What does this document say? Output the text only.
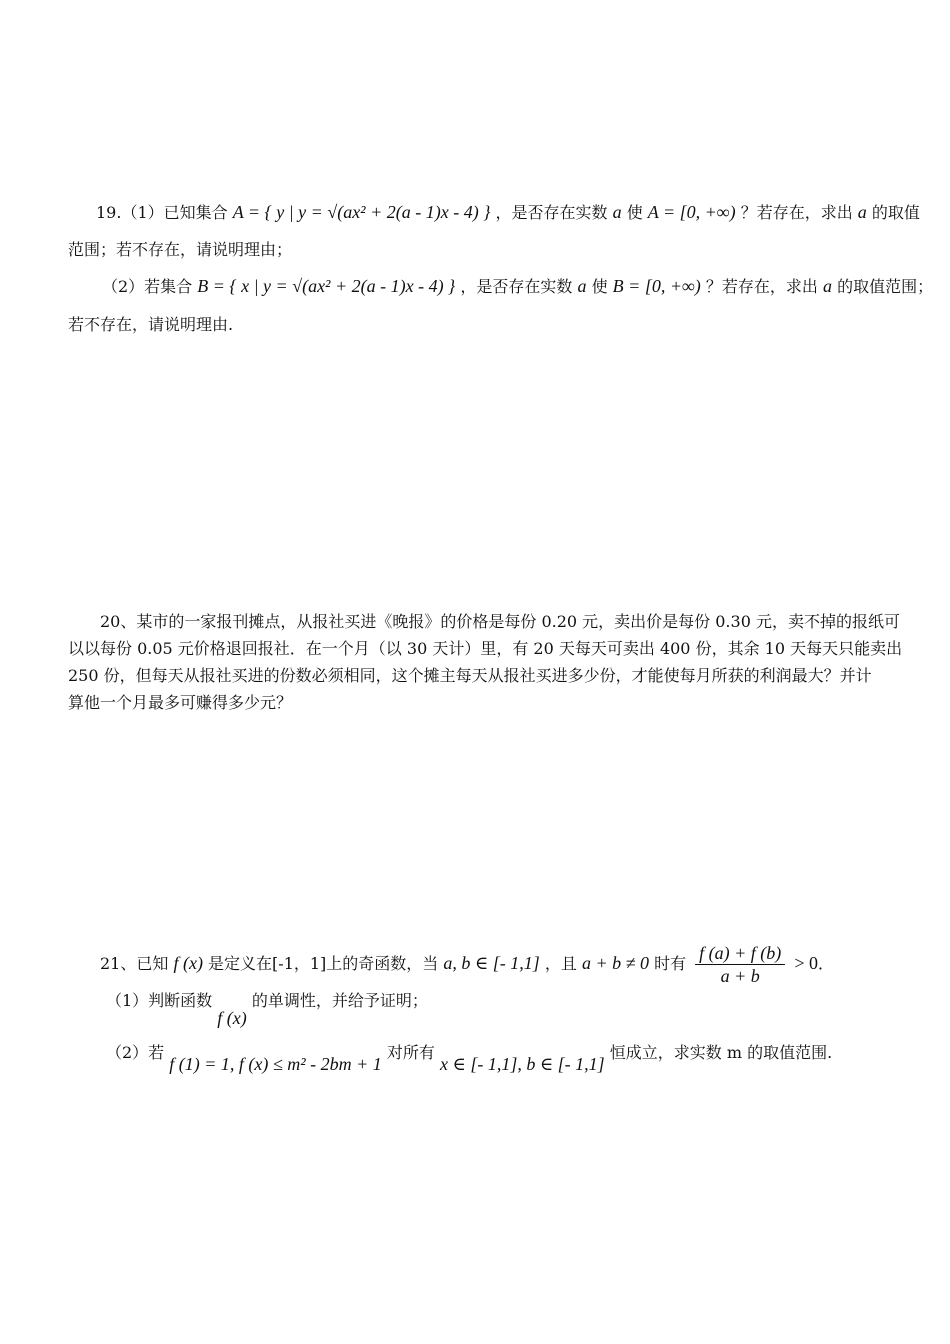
19.（1）已知集合 A = { y | y = √(ax² + 2(a - 1)x - 4) } ，是否存在实数 a 使 A = [0, +∞) ？若存在，求出 a 的取值
范围；若不存在，请说明理由；
（2）若集合 B = { x | y = √(ax² + 2(a - 1)x - 4) } ，是否存在实数 a 使 B = [0, +∞) ？若存在，求出 a 的取值范围；
若不存在，请说明理由.
20、某市的一家报刊摊点，从报社买进《晚报》的价格是每份 0.20 元，卖出价是每份 0.30 元，卖不掉的报纸可
以以每份 0.05 元价格退回报社．在一个月（以 30 天计）里，有 20 天每天可卖出 400 份，其余 10 天每天只能卖出
250 份，但每天从报社买进的份数必须相同，这个摊主每天从报社买进多少份，才能使每月所获的利润最大？并计
算他一个月最多可赚得多少元？
21、已知 f (x) 是定义在[-1，1]上的奇函数，当 a, b ∈ [- 1,1] ，且 a + b ≠ 0 时有 $\frac{f (a) + f (b)}{a + b} > 0$．
（1）判断函数 f (x) 的单调性，并给予证明；
（2）若 f (1) = 1, f (x) ≤ m² - 2bm + 1 对所有 x ∈ [- 1,1], b ∈ [- 1,1] 恒成立，求实数 m 的取值范围.
